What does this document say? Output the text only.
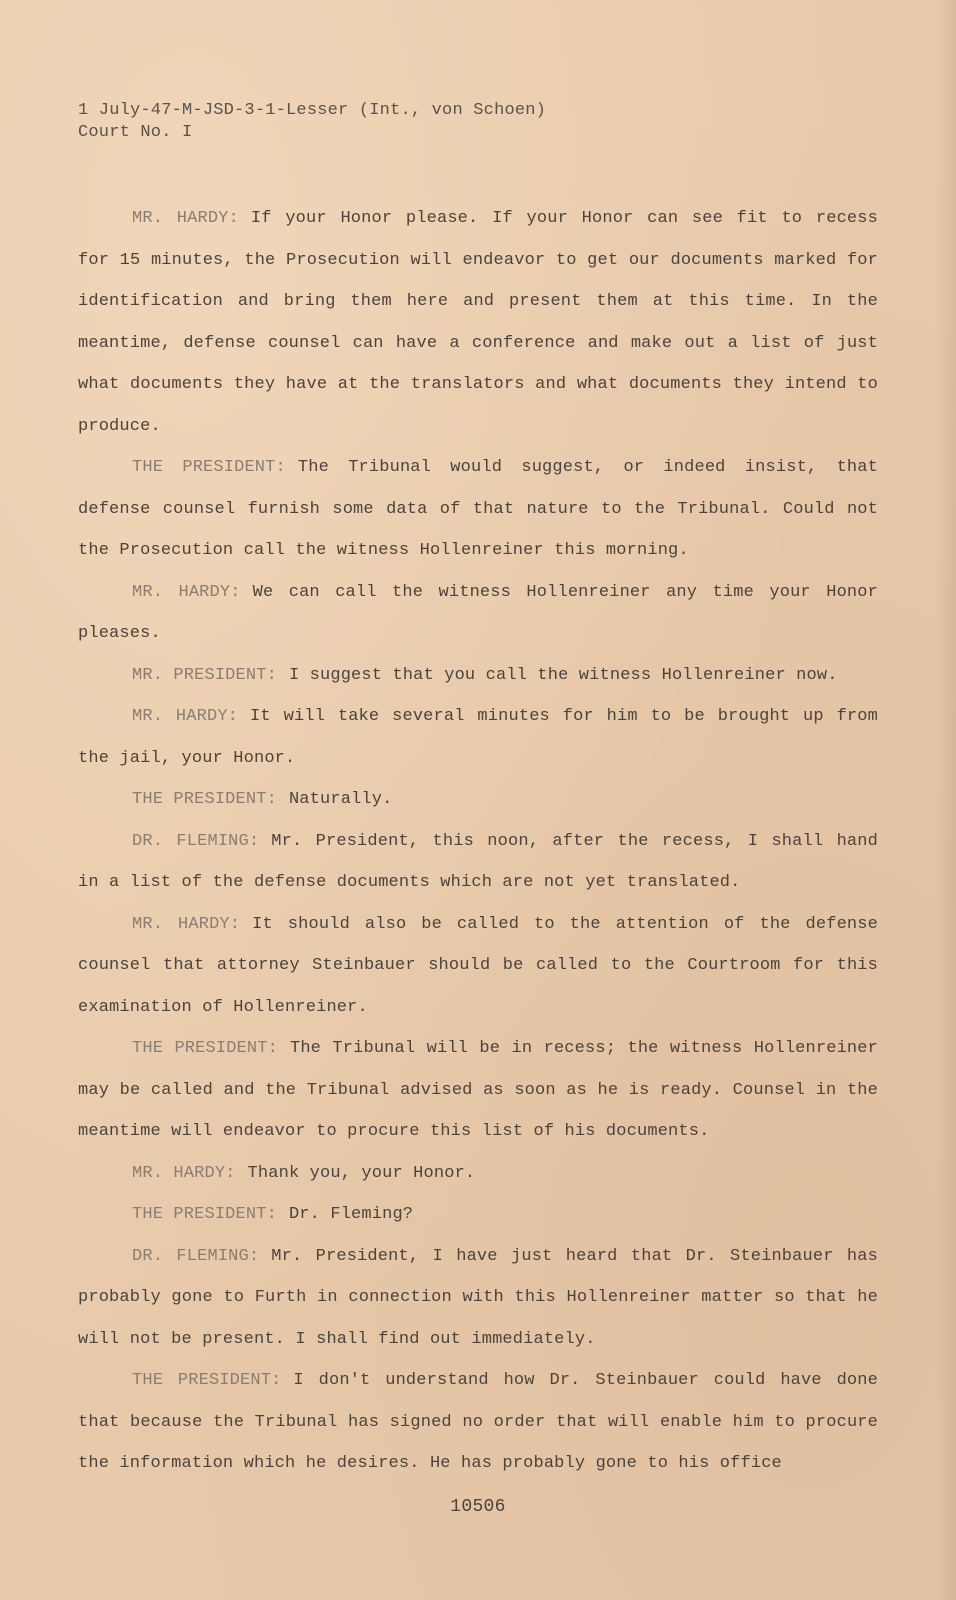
1 July-47-M-JSD-3-1-Lesser (Int., von Schoen)
Court No. I

MR. HARDY: If your Honor please. If your Honor can see fit to recess for 15 minutes, the Prosecution will endeavor to get our documents marked for identification and bring them here and present them at this time. In the meantime, defense counsel can have a conference and make out a list of just what documents they have at the translators and what documents they intend to produce.

THE PRESIDENT: The Tribunal would suggest, or indeed insist, that defense counsel furnish some data of that nature to the Tribunal. Could not the Prosecution call the witness Hollenreiner this morning.

MR. HARDY: We can call the witness Hollenreiner any time your Honor pleases.

MR. PRESIDENT: I suggest that you call the witness Hollenreiner now.

MR. HARDY: It will take several minutes for him to be brought up from the jail, your Honor.

THE PRESIDENT: Naturally.

DR. FLEMING: Mr. President, this noon, after the recess, I shall hand in a list of the defense documents which are not yet translated.

MR. HARDY: It should also be called to the attention of the defense counsel that attorney Steinbauer should be called to the Courtroom for this examination of Hollenreiner.

THE PRESIDENT: The Tribunal will be in recess; the witness Hollenreiner may be called and the Tribunal advised as soon as he is ready. Counsel in the meantime will endeavor to procure this list of his documents.

MR. HARDY: Thank you, your Honor.

THE PRESIDENT: Dr. Fleming?

DR. FLEMING: Mr. President, I have just heard that Dr. Steinbauer has probably gone to Furth in connection with this Hollenreiner matter so that he will not be present. I shall find out immediately.

THE PRESIDENT: I don't understand how Dr. Steinbauer could have done that because the Tribunal has signed no order that will enable him to procure the information which he desires. He has probably gone to his office

10506
